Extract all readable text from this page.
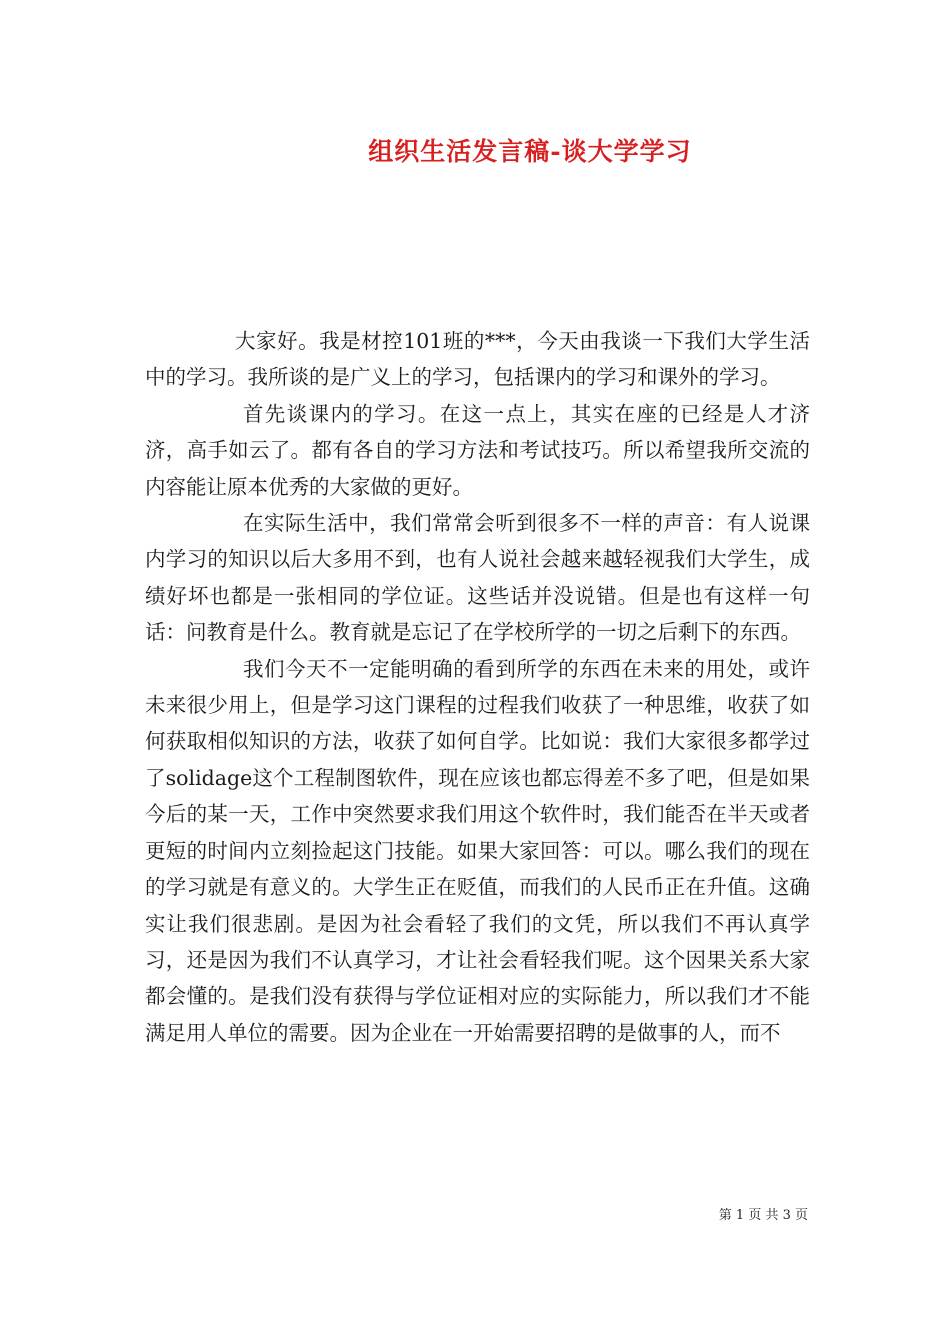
组织生活发言稿-谈大学学习

大家好。我是材控101班的***，今天由我谈一下我们大学生活中的学习。我所谈的是广义上的学习，包括课内的学习和课外的学习。

首先谈课内的学习。在这一点上，其实在座的已经是人才济济，高手如云了。都有各自的学习方法和考试技巧。所以希望我所交流的内容能让原本优秀的大家做的更好。

在实际生活中，我们常常会听到很多不一样的声音：有人说课内学习的知识以后大多用不到，也有人说社会越来越轻视我们大学生，成绩好坏也都是一张相同的学位证。这些话并没说错。但是也有这样一句话：问教育是什么。教育就是忘记了在学校所学的一切之后剩下的东西。

我们今天不一定能明确的看到所学的东西在未来的用处，或许未来很少用上，但是学习这门课程的过程我们收获了一种思维，收获了如何获取相似知识的方法，收获了如何自学。比如说：我们大家很多都学过了solidage这个工程制图软件，现在应该也都忘得差不多了吧，但是如果今后的某一天，工作中突然要求我们用这个软件时，我们能否在半天或者更短的时间内立刻捡起这门技能。如果大家回答：可以。哪么我们的现在的学习就是有意义的。大学生正在贬值，而我们的人民币正在升值。这确实让我们很悲剧。是因为社会看轻了我们的文凭，所以我们不再认真学习，还是因为我们不认真学习，才让社会看轻我们呢。这个因果关系大家都会懂的。是我们没有获得与学位证相对应的实际能力，所以我们才不能满足用人单位的需要。因为企业在一开始需要招聘的是做事的人，而不

第 1 页 共 3 页
